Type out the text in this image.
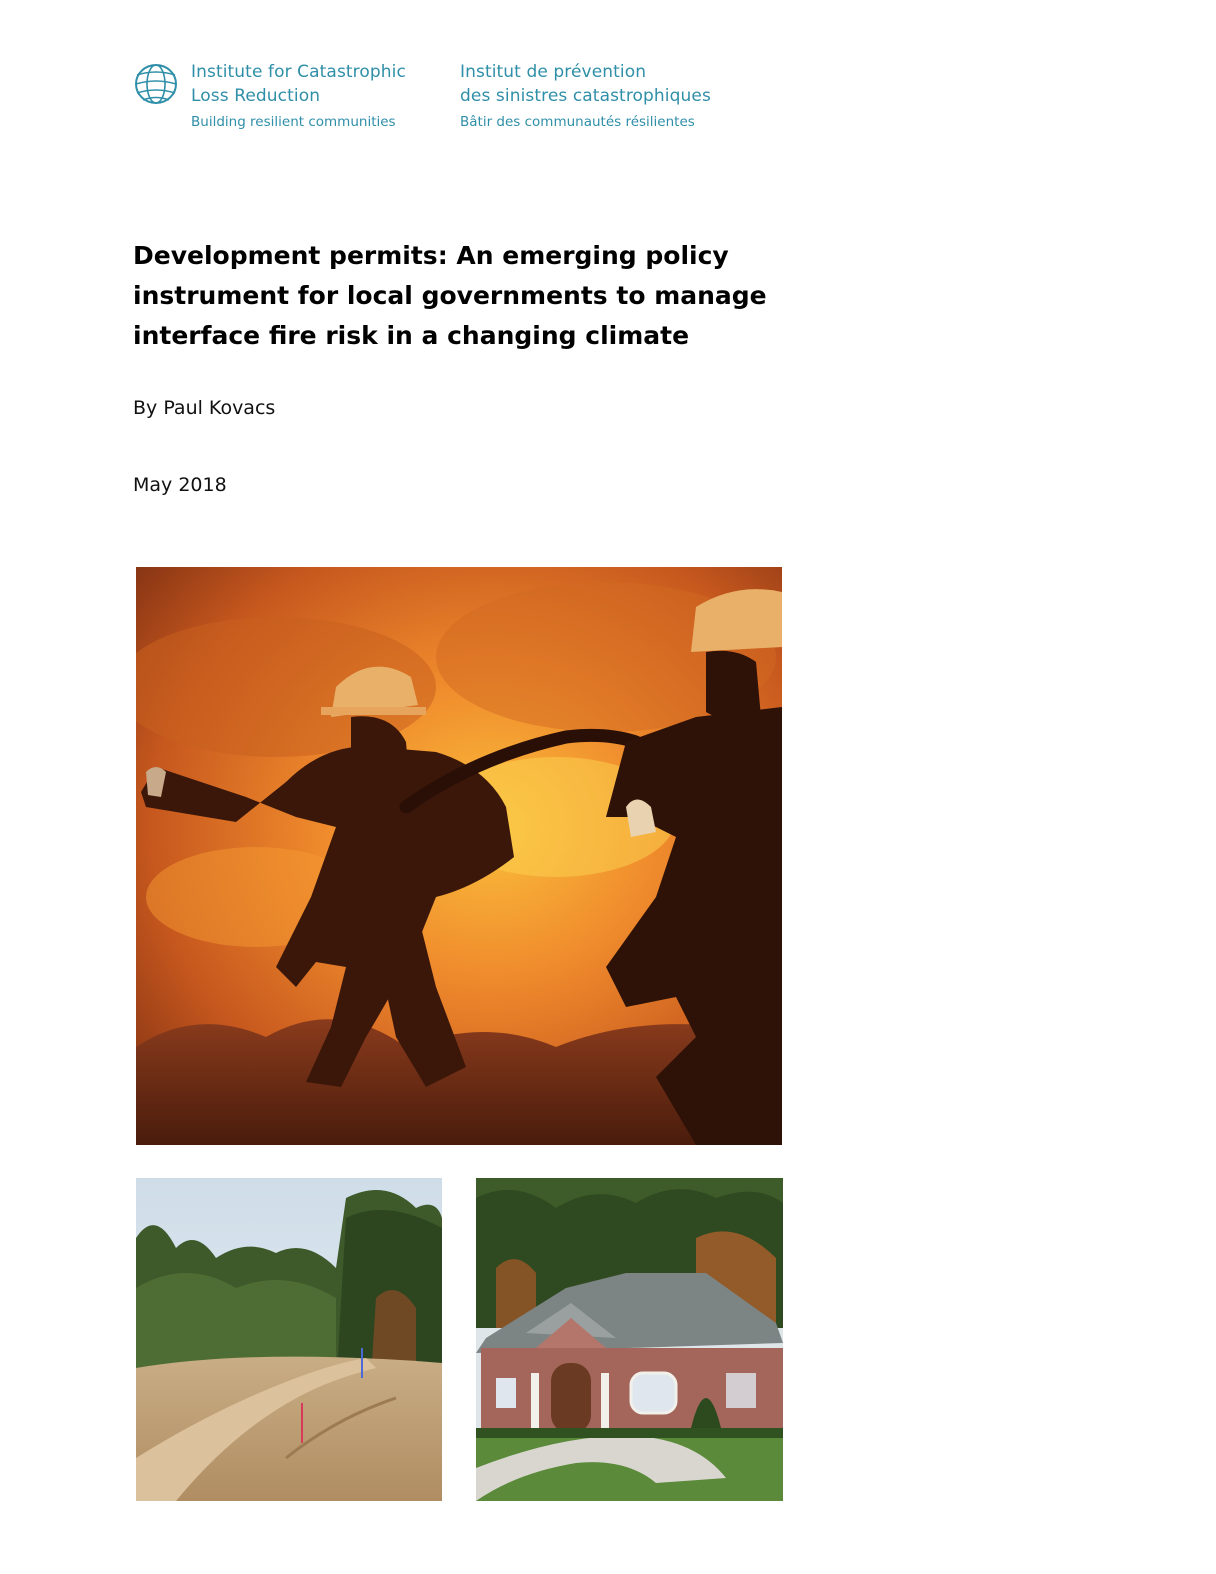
Institute for Catastrophic
Loss Reduction
Building resilient communities
Institut de prévention
des sinistres catastrophiques
Bâtir des communautés résilientes
Development permits: An emerging policy instrument for local governments to manage interface fire risk in a changing climate
By Paul Kovacs
May 2018
